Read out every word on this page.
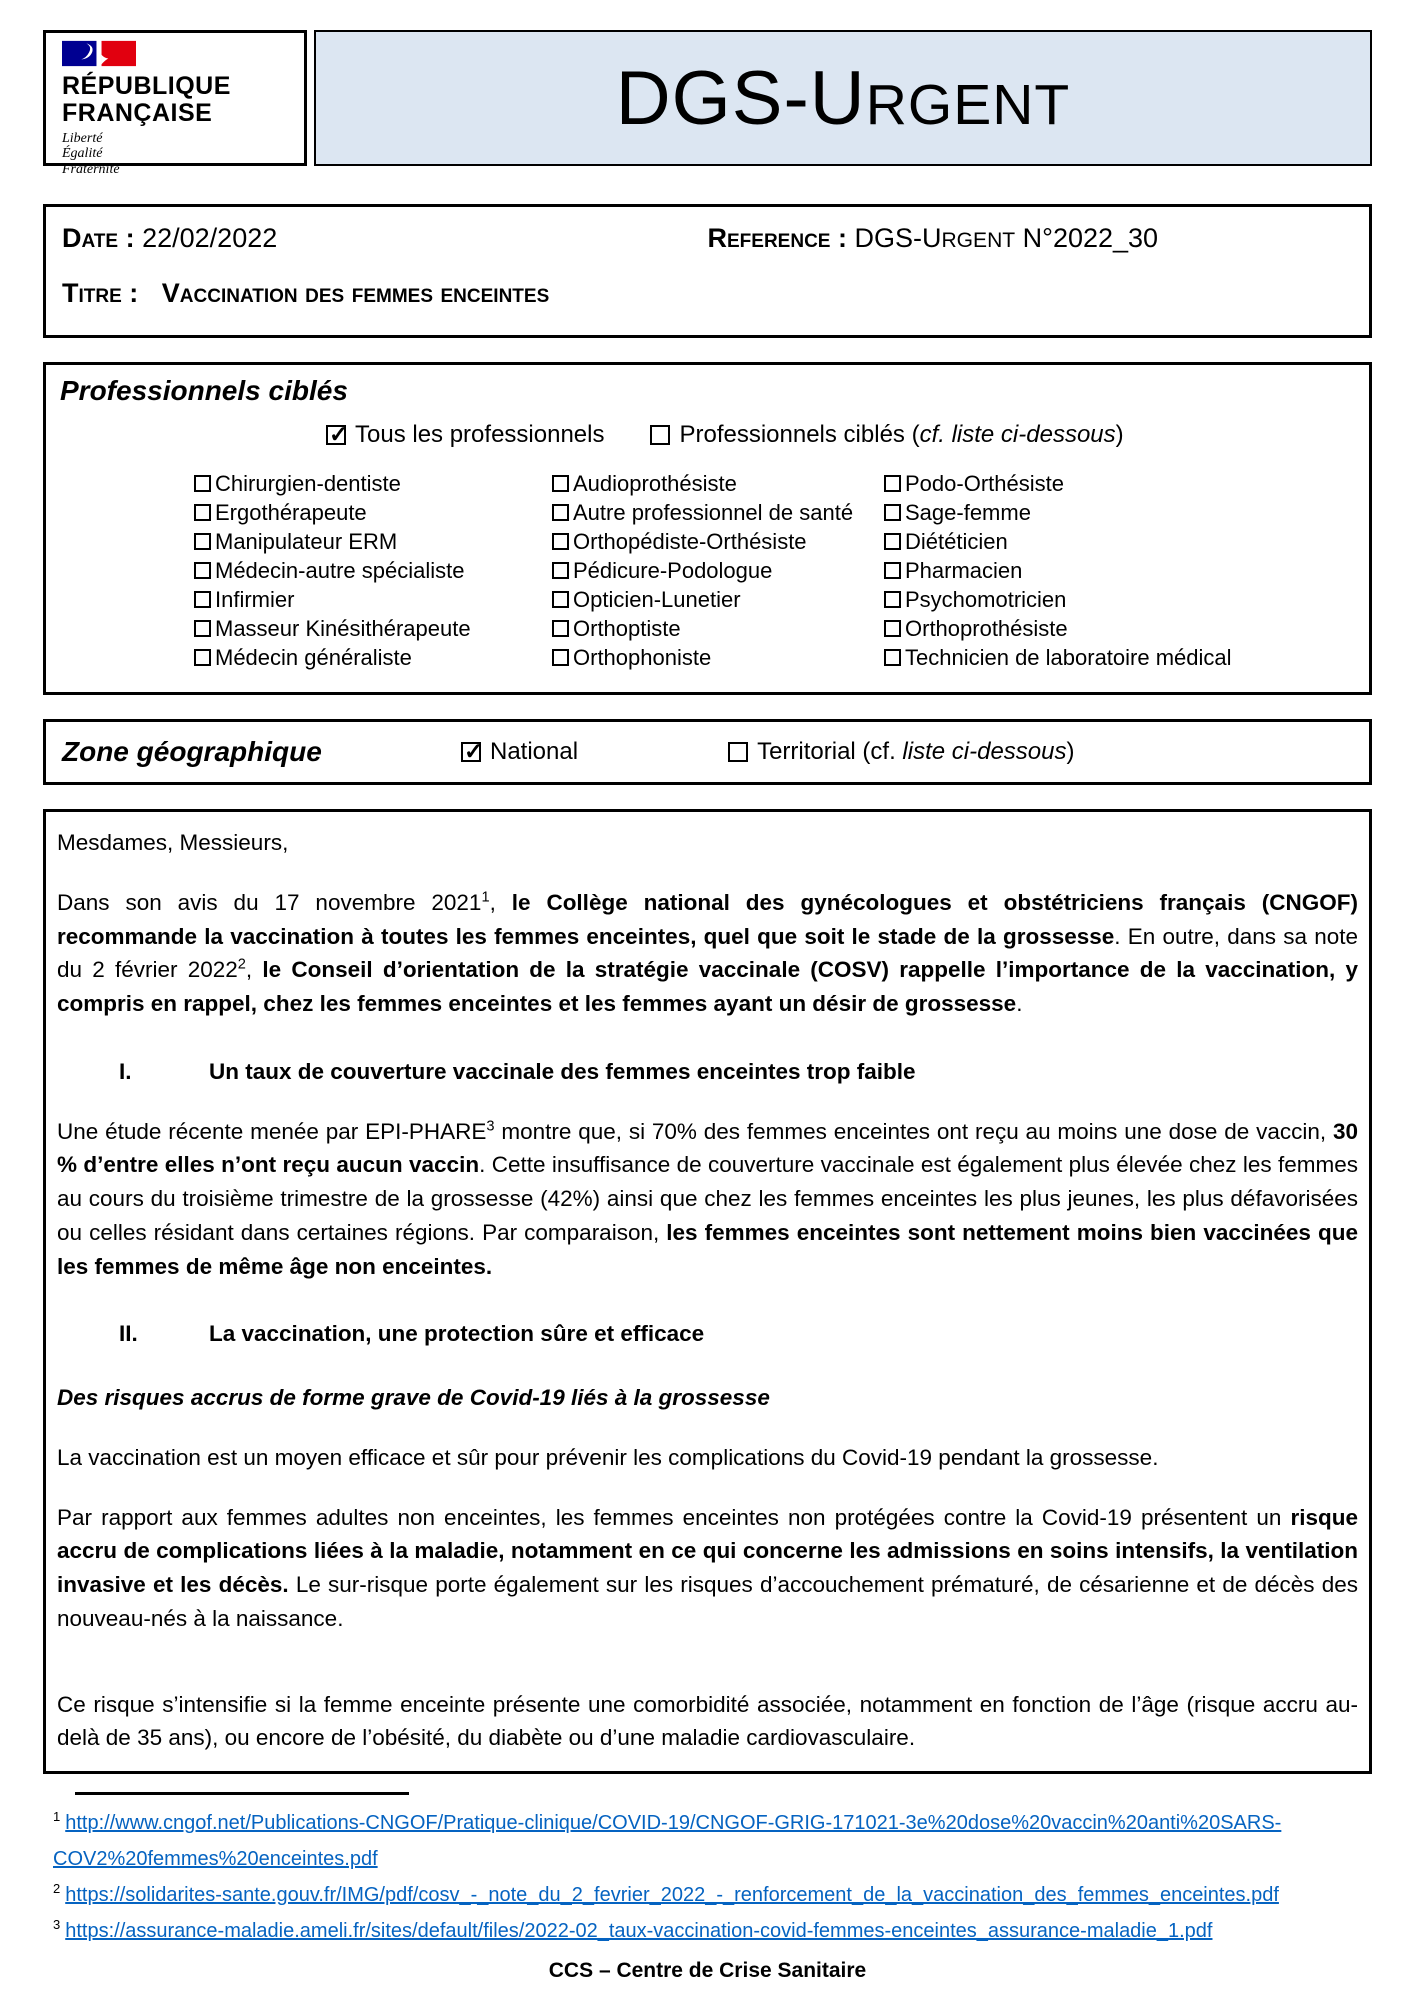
RÉPUBLIQUE
FRANÇAISE
Liberté
Égalité
Fraternité
DGS-URGENT
Date : 22/02/2022	Reference : DGS-URGENT N°2022_30
Titre : Vaccination des femmes enceintes
Professionnels ciblés
✓
Tous les professionnels	Professionnels ciblés (cf. liste ci-dessous)
Chirurgien-dentiste
Ergothérapeute
Manipulateur ERM
Médecin-autre spécialiste
Infirmier
Masseur Kinésithérapeute
Médecin généraliste
Audioprothésiste
Autre professionnel de santé
Orthopédiste-Orthésiste
Pédicure-Podologue
Opticien-Lunetier
Orthoptiste
Orthophoniste
Podo-Orthésiste
Sage-femme
Diététicien
Pharmacien
Psychomotricien
Orthoprothésiste
Technicien de laboratoire médical
Zone géographique ✓	National	Territorial (cf. liste ci-dessous)

Mesdames, Messieurs,

Dans son avis du 17 novembre 2021$^1$, le Collège national des gynécologues et obstétriciens français (CNGOF) recommande la vaccination à toutes les femmes enceintes, quel que soit le stade de la grossesse. En outre, dans sa note du 2 février 2022$^2$, le Conseil d’orientation de la stratégie vaccinale (COSV) rappelle l’importance de la vaccination, y compris en rappel, chez les femmes enceintes et les femmes ayant un désir de grossesse.

I.	Un taux de couverture vaccinale des femmes enceintes trop faible

Une étude récente menée par EPI-PHARE$^3$ montre que, si 70% des femmes enceintes ont reçu au moins une dose de vaccin, 30 % d’entre elles n’ont reçu aucun vaccin. Cette insuffisance de couverture vaccinale est également plus élevée chez les femmes au cours du troisième trimestre de la grossesse (42%) ainsi que chez les femmes enceintes les plus jeunes, les plus défavorisées ou celles résidant dans certaines régions. Par comparaison, les femmes enceintes sont nettement moins bien vaccinées que les femmes de même âge non enceintes.

II.	La vaccination, une protection sûre et efficace
Des risques accrus de forme grave de Covid-19 liés à la grossesse

La vaccination est un moyen efficace et sûr pour prévenir les complications du Covid-19 pendant la grossesse.

Par rapport aux femmes adultes non enceintes, les femmes enceintes non protégées contre la Covid-19 présentent un risque accru de complications liées à la maladie, notamment en ce qui concerne les admissions en soins intensifs, la ventilation invasive et les décès. Le sur-risque porte également sur les risques d’accouchement prématuré, de césarienne et de décès des nouveau-nés à la naissance.

Ce risque s’intensifie si la femme enceinte présente une comorbidité associée, notamment en fonction de l’âge (risque accru au-delà de 35 ans), ou encore de l’obésité, du diabète ou d’une maladie cardiovasculaire.

$^1$ http://www.cngof.net/Publications-CNGOF/Pratique-clinique/COVID-19/CNGOF-GRIG-171021-3e%20dose%20vaccin%20anti%20SARS-COV2%20femmes%20enceintes.pdf
$^2$ https://solidarites-sante.gouv.fr/IMG/pdf/cosv_-_note_du_2_fevrier_2022_-_renforcement_de_la_vaccination_des_femmes_enceintes.pdf
$^3$ https://assurance-maladie.ameli.fr/sites/default/files/2022-02_taux-vaccination-covid-femmes-enceintes_assurance-maladie_1.pdf
CCS – Centre de Crise Sanitaire
